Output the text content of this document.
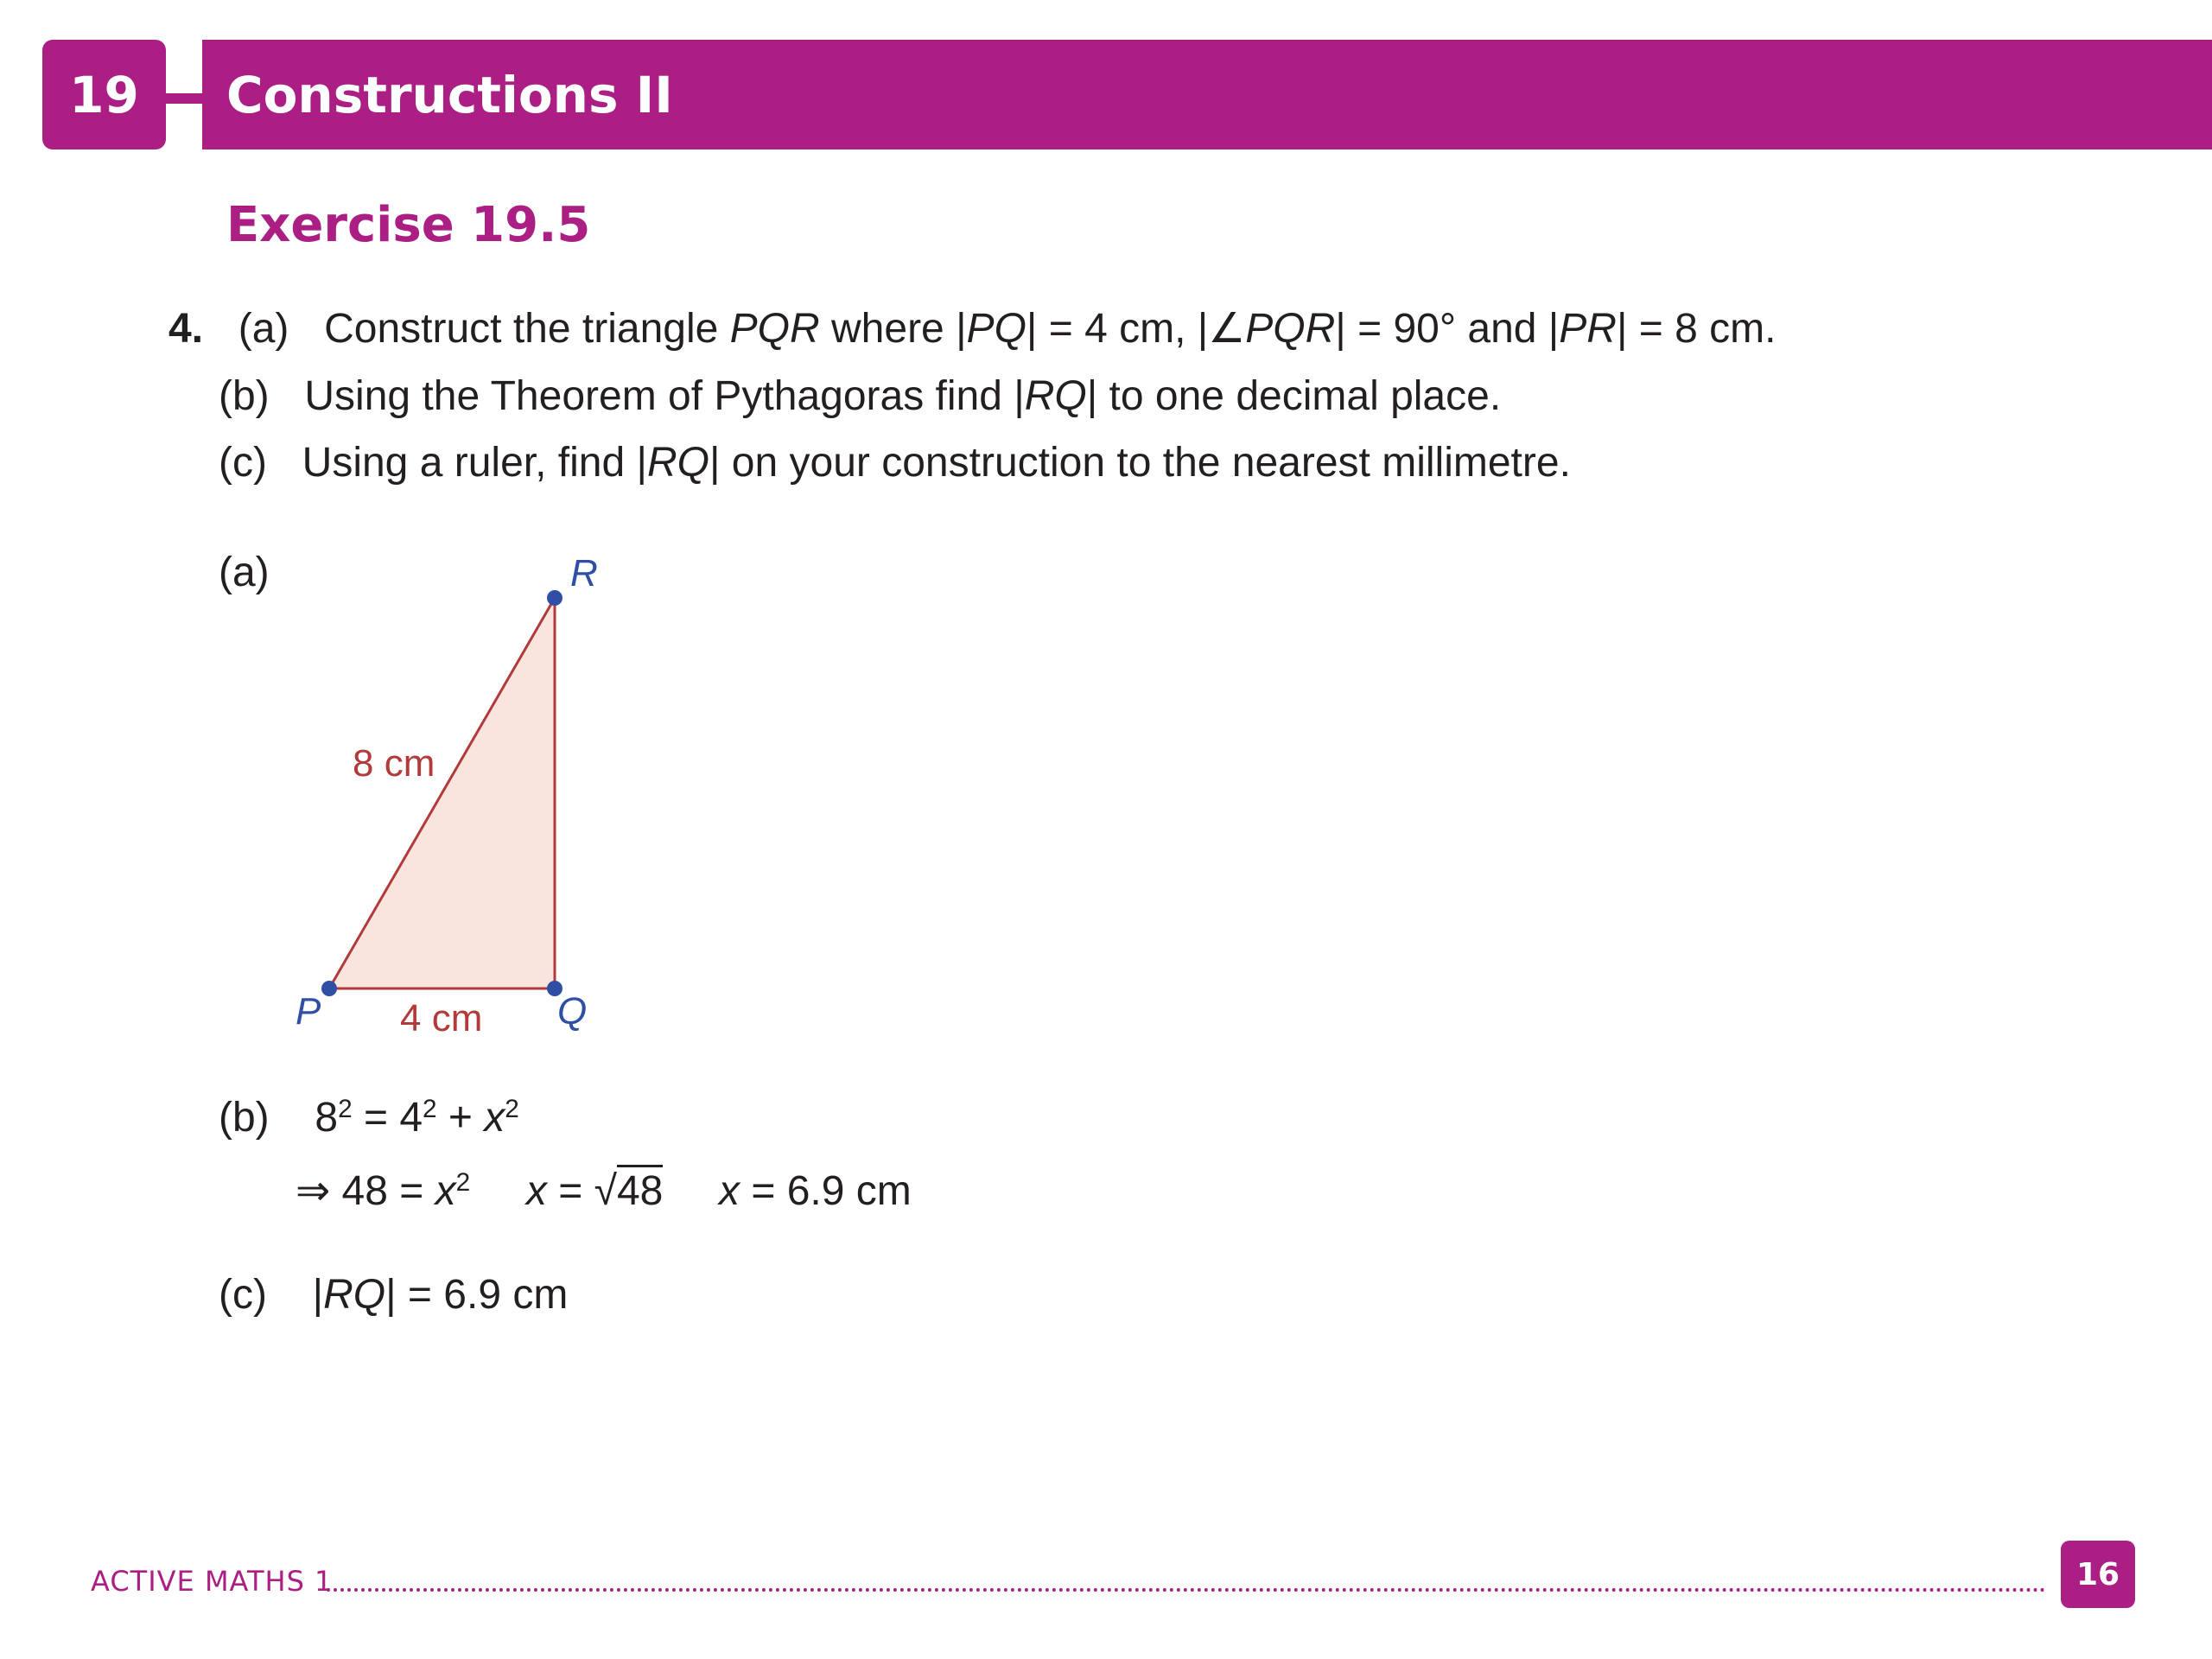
19	Constructions II
Exercise 19.5
4. (a) Construct the triangle PQR where |PQ| = 4 cm, |∠PQR| = 90° and |PR| = 8 cm.
(b) Using the Theorem of Pythagoras find |RQ| to one decimal place.
(c) Using a ruler, find |RQ| on your construction to the nearest millimetre.
(a)	R
P	Q
8 cm
4 cm
(b) $8^2 = 4^2 + x^2$
⇒ $48 = x^2$ x = √48 x = 6.9 cm
(c) |RQ| = 6.9 cm
ACTIVE MATHS 1	16
